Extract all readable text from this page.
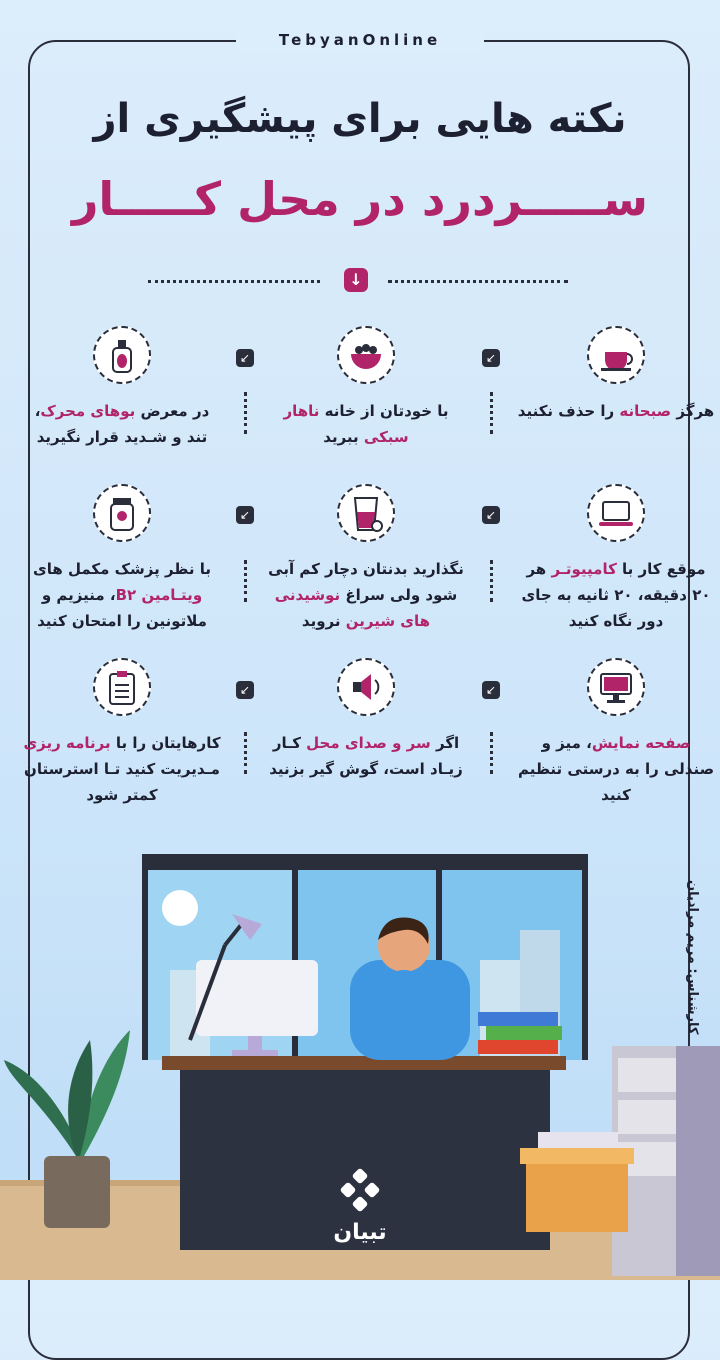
TebyanOnline
نکته هایی برای پیشگیری از
ســـــردرد در محل کـــــار
↓
هرگز صبحانه را حذف نکنید
با خودتان از خانه ناهار سبکی ببرید
در معرض بوهای محرک، تند و شـدید قرار نگیرید
موقع کار با کامپیوتـر هر ۲۰ دقیقه، ۲۰ ثانیه به جای دور نگاه کنید
نگذارید بدنتان دچار کم آبی شود ولی سراغ نوشیدنی های شیرین نروید
با نظر پزشک مکمل های ویتـامین B۲، منیزیم و ملاتونین را امتحان کنید
صفحه نمایش، میز و صندلی را به درستی تنظیم کنید
اگر سر و صدای محل کـار زیـاد است، گوش گیر بزنید
کارهایتان را با برنامه ریزی مـدیریت کنید تـا استرستان کمتر شود
↙
↙
↙
↙
↙
↙
کارشناس: مریم مرادیان
تبیان
